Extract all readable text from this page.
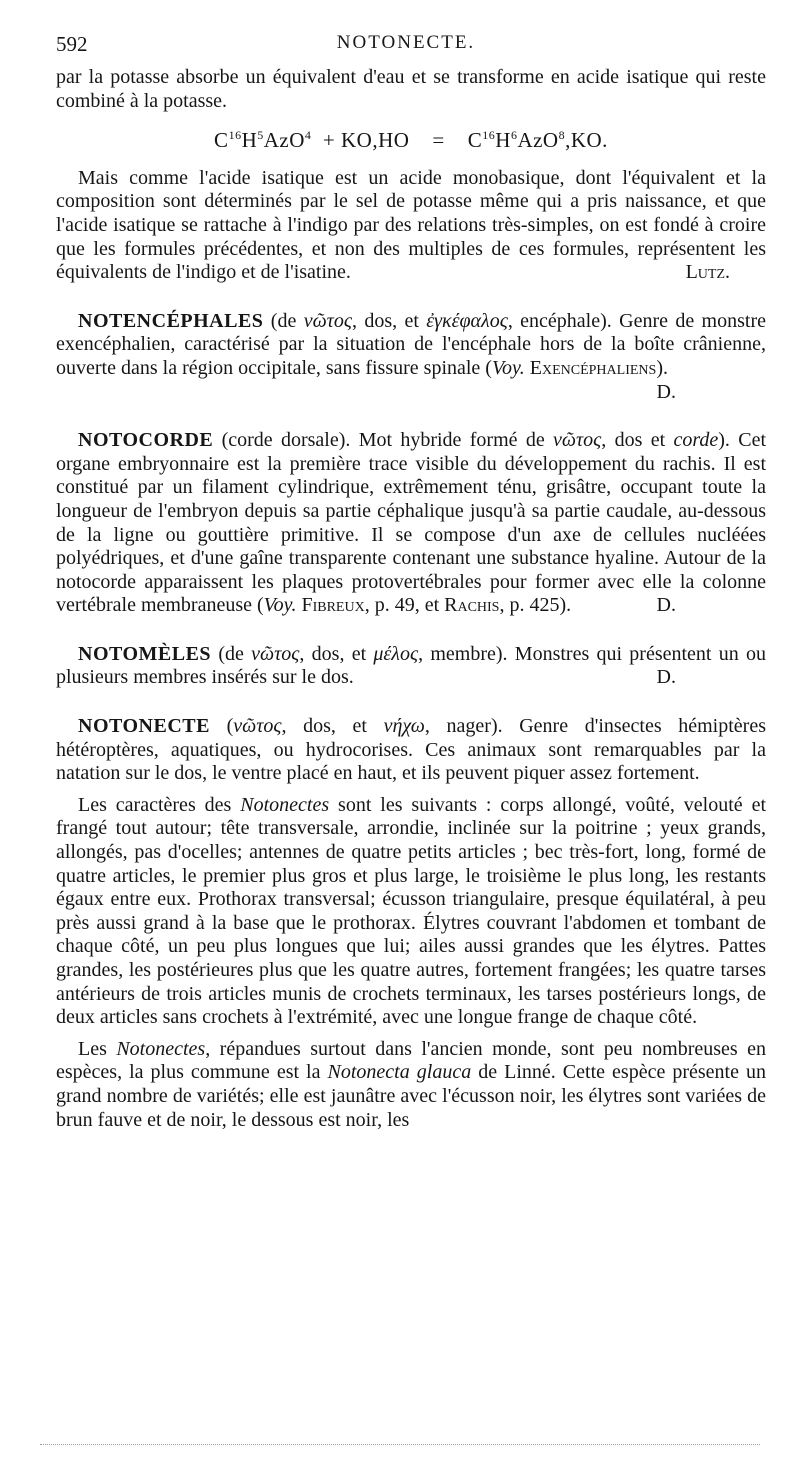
592	NOTONECTE.

par la potasse absorbe un équivalent d'eau et se transforme en acide isatique qui reste combiné à la potasse.

$C^{16}H^5AzO^4 + KO,HO = C^{16}H^6AzO^8,KO$.

Mais comme l'acide isatique est un acide monobasique, dont l'équivalent et la composition sont déterminés par le sel de potasse même qui a pris naissance, et que l'acide isatique se rattache à l'indigo par des relations très-simples, on est fondé à croire que les formules précédentes, et non des multiples de ces formules, représentent les équivalents de l'indigo et de l'isatine.	Lutz.

NOTENCÉPHALES (de νῶτος, dos, et ἐγκέφαλος, encéphale). Genre de monstre exencéphalien, caractérisé par la situation de l'encéphale hors de la boîte crânienne, ouverte dans la région occipitale, sans fissure spinale (Voy. Exencéphaliens).
D.

NOTOCORDE (corde dorsale). Mot hybride formé de νῶτος, dos et corde). Cet organe embryonnaire est la première trace visible du développement du rachis. Il est constitué par un filament cylindrique, extrêmement ténu, grisâtre, occupant toute la longueur de l'embryon depuis sa partie céphalique jusqu'à sa partie caudale, au-dessous de la ligne ou gouttière primitive. Il se compose d'un axe de cellules nucléées polyédriques, et d'une gaîne transparente contenant une substance hyaline. Autour de la notocorde apparaissent les plaques protovertébrales pour former avec elle la colonne vertébrale membraneuse (Voy. Fibreux, p. 49, et Rachis, p. 425).	D.

NOTOMÈLES (de νῶτος, dos, et μέλος, membre). Monstres qui présentent un ou plusieurs membres insérés sur le dos.	D.

NOTONECTE (νῶτος, dos, et νήχω, nager). Genre d'insectes hémiptères hétéroptères, aquatiques, ou hydrocorises. Ces animaux sont remarquables par la natation sur le dos, le ventre placé en haut, et ils peuvent piquer assez fortement.

Les caractères des Notonectes sont les suivants : corps allongé, voûté, velouté et frangé tout autour; tête transversale, arrondie, inclinée sur la poitrine ; yeux grands, allongés, pas d'ocelles; antennes de quatre petits articles ; bec très-fort, long, formé de quatre articles, le premier plus gros et plus large, le troisième le plus long, les restants égaux entre eux. Prothorax transversal; écusson triangulaire, presque équilatéral, à peu près aussi grand à la base que le prothorax. Élytres couvrant l'abdomen et tombant de chaque côté, un peu plus longues que lui; ailes aussi grandes que les élytres. Pattes grandes, les postérieures plus que les quatre autres, fortement frangées; les quatre tarses antérieurs de trois articles munis de crochets terminaux, les tarses postérieurs longs, de deux articles sans crochets à l'extrémité, avec une longue frange de chaque côté.

Les Notonectes, répandues surtout dans l'ancien monde, sont peu nombreuses en espèces, la plus commune est la Notonecta glauca de Linné. Cette espèce présente un grand nombre de variétés; elle est jaunâtre avec l'écusson noir, les élytres sont variées de brun fauve et de noir, le dessous est noir, les
